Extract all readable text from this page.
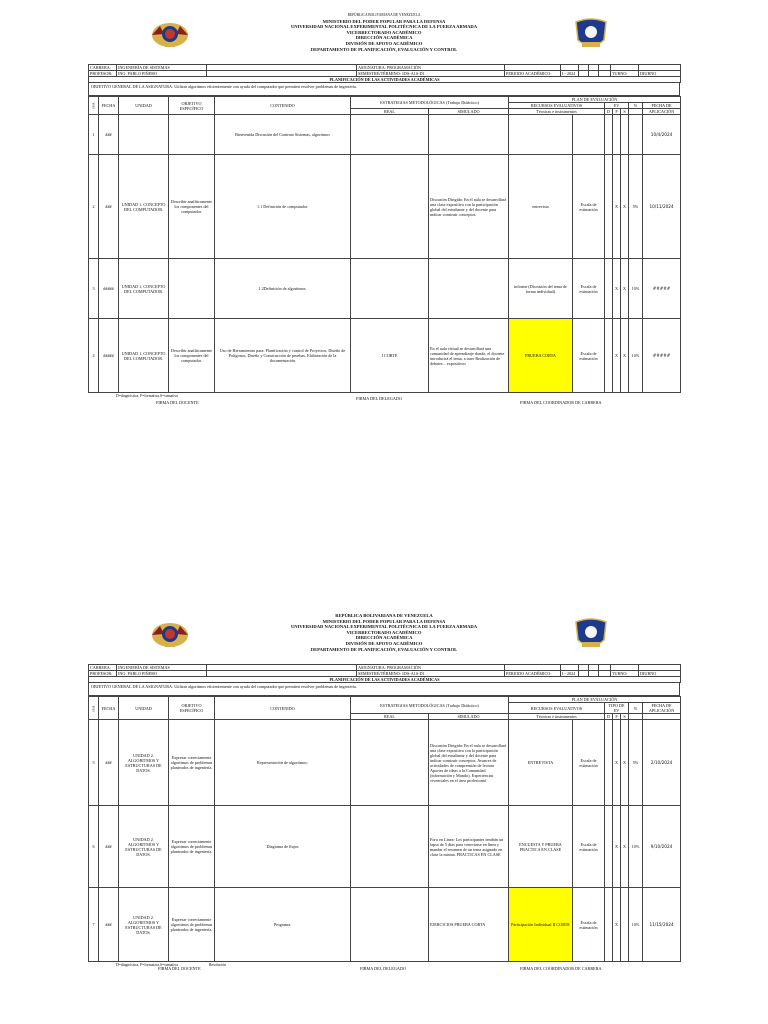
REPÚBLICA BOLIVARIANA DE VENEZUELA
MINISTERIO DEL PODER POPULAR PARA LA DEFENSA
UNIVERSIDAD NACIONAL EXPERIMENTAL POLITÉCNICA DE LA FUERZA ARMADA
VICERRECTORADO ACADÉMICO
DIRECCIÓN ACADÉMICA
DIVISIÓN DE APOYO ACADÉMICO
DEPARTAMENTO DE PLANIFICACIÓN, EVALUACIÓN Y CONTROL
CARRERA:	INGENIERÍA DE SISTEMAS		ASIGNATURA: PROGRAMACIÓN							
PROFESOR:	ING. PABLO PIÑERO		SEMESTRE/TÉRMINO: 1DS-A1S-D1	PERIODO ACADÉMICO:	I - 2024				TURNO:	DIURNO
PLANIFICACIÓN DE LAS ACTIVIDADES ACADÉMICAS										
OBJETIVO GENERAL DE LA ASIGNATURA: Utilizar algoritmos eficientemente con ayuda del computador que permiten resolver problemas de ingeniería.
SEM.	FECHA	UNIDAD	OBJETIVO ESPECÍFICO	CONTENIDO	ESTRATEGIAS METODOLÓGICAS (Trabajo Didáctico)		PLAN DE EVALUACIÓN						
							RECURSOS EVALUATIVOS		EV			%	FECHA DE
					REAL	SIMULADO	Técnicas e instrumentos		D	F	S		APLICACIÓN
1	###			Bienvenida Discusión del Contrato Sistemas, algoritmos									10/4/2024
2	###	UNIDAD 1. CONCEPTO DEL COMPUTADOR.	Describir analíticamente los componentes del computador.	1.1 Definición de computador.		Discusión Dirigida: En el aula se desarrollará una clase expositiva con la participación global del estudiante y del docente para indicar construir conceptos.	entrevista	Escala de estimación		X	X	5%	10/11/2024
3	#####	UNIDAD 1. CONCEPTO DEL COMPUTADOR.		1.2Definición de algoritmos.			informe (Discusión del tema de forma individual)	Escala de estimación		X	X	10%	#####
4	#####	UNIDAD 1. CONCEPTO DEL COMPUTADOR.	Describir analíticamente los componentes del computador.	Uso de Herramientas para: Planificación y control de Proyectos, Diseño de Polígonos, Diseño y Construcción de pruebas, Elaboración de la documentación	I CORTE	En el aula virtual se desarrollará una comunidad de aprendizaje donde, el docente introducirá el tema, a traer Realización de debates... expositivos	PRUEBA CORTA	Escala de estimación		X	X	10%	#####
D=diagnóstica, F=formativa,S=sumativa
FIRMA DEL DOCENTE
FIRMA DEL DELEGADO
FIRMA DEL COORDINADOR DE CARRERA
REPÚBLICA BOLIVARIANA DE VENEZUELA
MINISTERIO DEL PODER POPULAR PARA LA DEFENSA
UNIVERSIDAD NACIONAL EXPERIMENTAL POLITÉCNICA DE LA FUERZA ARMADA
VICERRECTORADO ACADÉMICO
DIRECCIÓN ACADÉMICA
DIVISIÓN DE APOYO ACADÉMICO
DEPARTAMENTO DE PLANIFICACIÓN, EVALUACIÓN Y CONTROL
CARRERA:	INGENIERÍA DE SISTEMAS		ASIGNATURA: PROGRAMACIÓN							
PROFESOR:	ING. PABLO PIÑERO		SEMESTRE/TÉRMINO: 1DS-A1S-D1	PERIODO ACADÉMICO:	I - 2024				TURNO:	DIURNO
PLANIFICACIÓN DE LAS ACTIVIDADES ACADÉMICAS										
OBJETIVO GENERAL DE LA ASIGNATURA: Utilizar algoritmos eficientemente con ayuda del computador que permiten resolver problemas de ingeniería.
SEM.	FECHA	UNIDAD	OBJETIVO ESPECÍFICO	CONTENIDO	ESTRATEGIAS METODOLÓGICAS (Trabajo Didáctico)		PLAN DE EVALUACIÓN						
							RECURSOS EVALUATIVOS		TIPO DE EV			%	FECHA DE APLICACIÓN
					REAL	SIMULADO	Técnicas e instrumentos		D	F	S		
5	###	UNIDAD 2. ALGORITMOS Y ESTRUCTURAS DE DATOS.	Expresar correctamente algoritmos de problemas planteados de ingeniería.	Representación de algoritmos:		Discusión Dirigida: En el aula se desarrollará una clase expositiva con la participación global del estudiante y del docente para indicar construir conceptos. Avances de actividades de comprensión de lectura Aportes de ideas a la Comunidad (información y Mundo). Experiencias vivenciales en el área profesional	ENTREVISTA	Escala de estimación		X	X	5%	2/10/2024
6	###	UNIDAD 2. ALGORITMOS Y ESTRUCTURAS DE DATOS.	Expresar correctamente algoritmos de problemas planteados de ingeniería.	Diagrama de flujos		Foro en Línea: Los participantes tendrán un lapso de 5 días para conectarse en línea y mandar el resumen de un tema asignado en clase la misma. PRACTICAS EN CLASE	ENCUESTA Y PRUEBA PRACTICA EN CLASE	Escala de estimación		X	X	10%	9/10/2024
7	###	UNIDAD 2. ALGORITMOS Y ESTRUCTURAS DE DATOS.	Expresar correctamente algoritmos de problemas planteados de ingeniería.	Programa.		EJERCICIOS PRUEBA CORTA	Participación Individual II CORTE	Escala de estimación		X		10%	11/15/2024
D=diagnóstica, F=formativa,S=sumativa	Resolución
FIRMA DEL DOCENTE	FIRMA DEL DELEGADO	FIRMA DEL COORDINADOR DE CARRERA
